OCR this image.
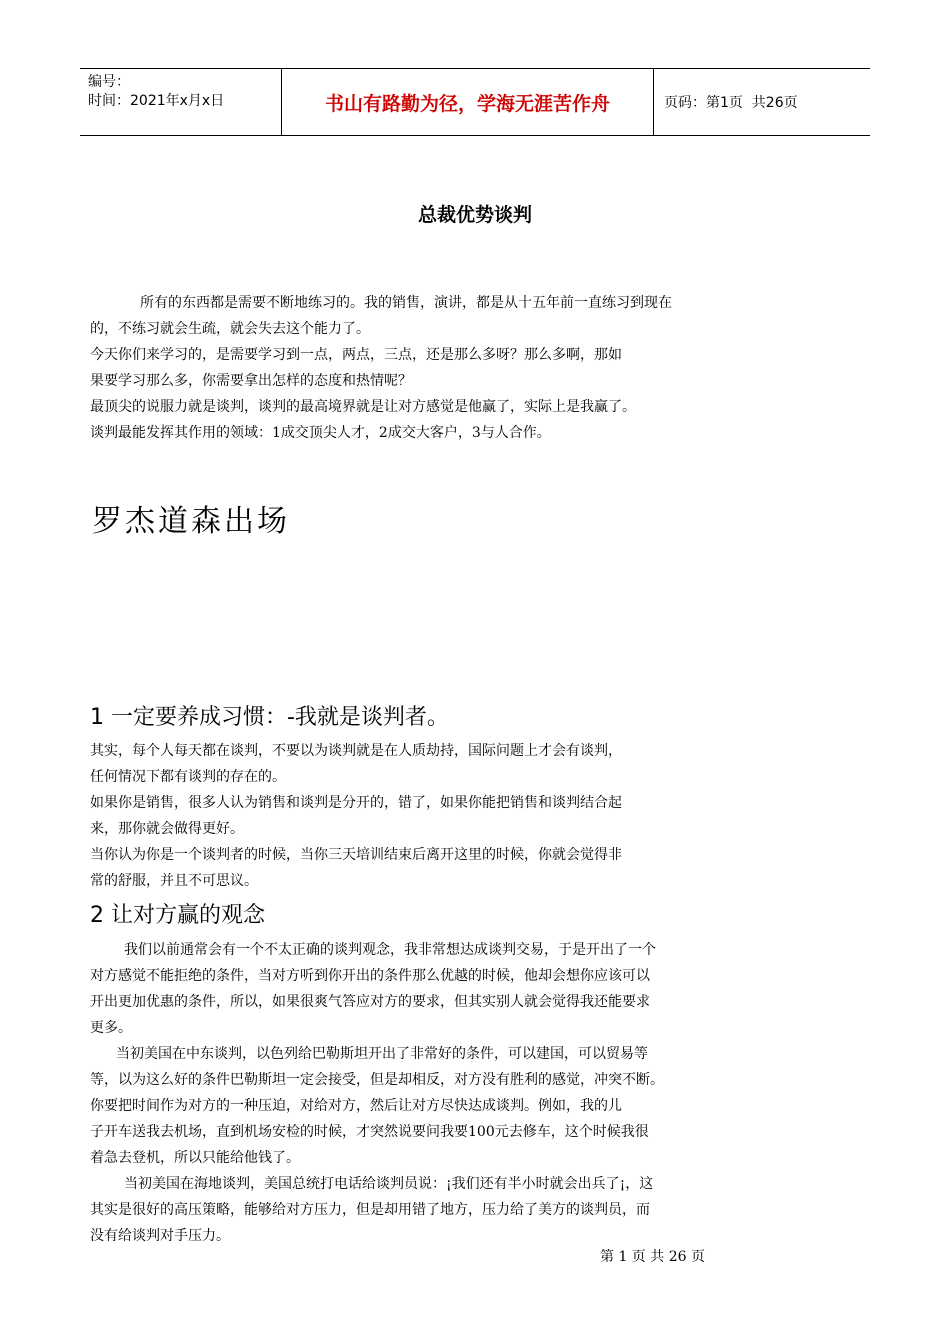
编号：
时间：2021年x月x日	书山有路勤为径，学海无涯苦作舟	页码：第1页  共26页
总裁优势谈判

所有的东西都是需要不断地练习的。我的销售，演讲，都是从十五年前一直练习到现在

的，不练习就会生疏，就会失去这个能力了。

今天你们来学习的，是需要学习到一点，两点，三点，还是那么多呀？那么多啊，那如

果要学习那么多，你需要拿出怎样的态度和热情呢？

最顶尖的说服力就是谈判，谈判的最高境界就是让对方感觉是他赢了，实际上是我赢了。

谈判最能发挥其作用的领域：1成交顶尖人才，2成交大客户，3与人合作。

罗杰道森出场
1 一定要养成习惯：-我就是谈判者。

其实，每个人每天都在谈判，不要以为谈判就是在人质劫持，国际问题上才会有谈判，

任何情况下都有谈判的存在的。

如果你是销售，很多人认为销售和谈判是分开的，错了，如果你能把销售和谈判结合起

来，那你就会做得更好。

当你认为你是一个谈判者的时候，当你三天培训结束后离开这里的时候，你就会觉得非

常的舒服，并且不可思议。

2 让对方赢的观念

我们以前通常会有一个不太正确的谈判观念，我非常想达成谈判交易，于是开出了一个

对方感觉不能拒绝的条件，当对方听到你开出的条件那么优越的时候，他却会想你应该可以

开出更加优惠的条件，所以，如果很爽气答应对方的要求，但其实别人就会觉得我还能要求

更多。

当初美国在中东谈判，以色列给巴勒斯坦开出了非常好的条件，可以建国，可以贸易等

等，以为这么好的条件巴勒斯坦一定会接受，但是却相反，对方没有胜利的感觉，冲突不断。

你要把时间作为对方的一种压迫，对给对方，然后让对方尽快达成谈判。例如，我的儿

子开车送我去机场，直到机场安检的时候，才突然说要问我要100元去修车，这个时候我很

着急去登机，所以只能给他钱了。

当初美国在海地谈判，美国总统打电话给谈判员说：¡我们还有半小时就会出兵了¡，这

其实是很好的高压策略，能够给对方压力，但是却用错了地方，压力给了美方的谈判员，而

没有给谈判对手压力。

第 1 页 共 26 页
